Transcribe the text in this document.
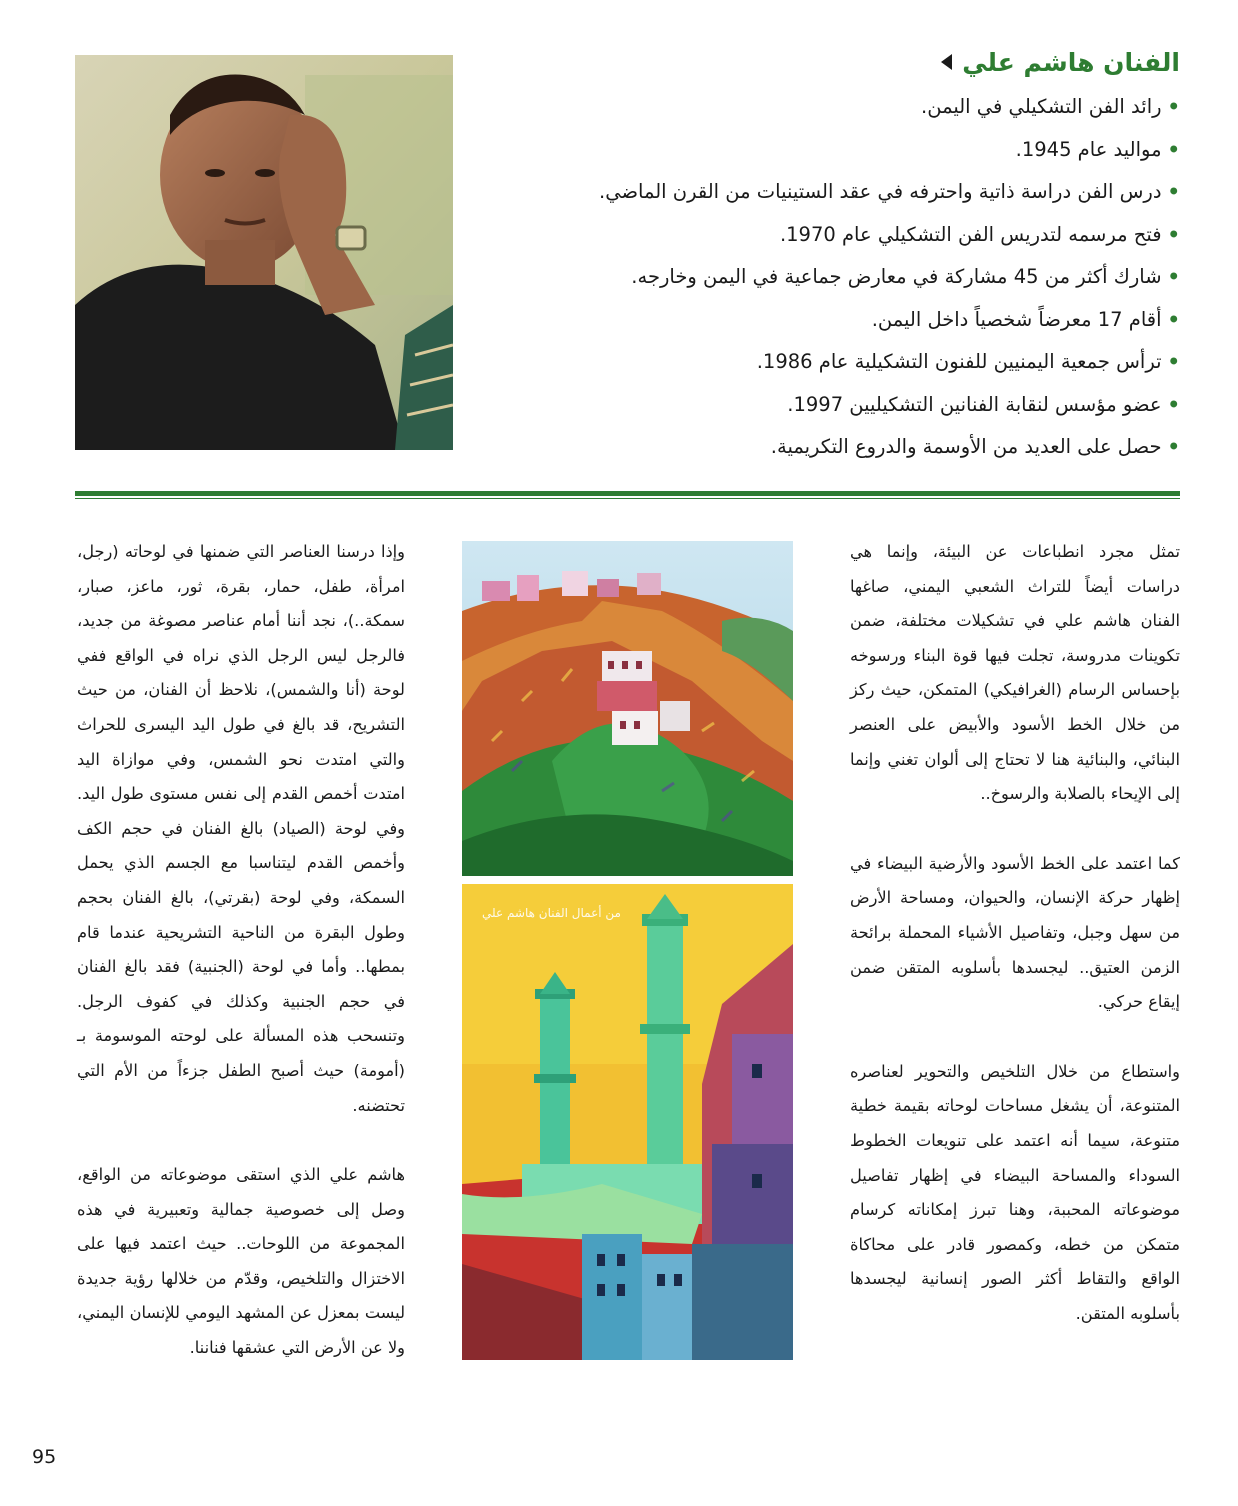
الفنان هاشم علي
•رائد الفن التشكيلي في اليمن.
•مواليد عام 1945.
•درس الفن دراسة ذاتية واحترفه في عقد الستينيات من القرن الماضي.
•فتح مرسمه لتدريس الفن التشكيلي عام 1970.
•شارك أكثر من 45 مشاركة في معارض جماعية في اليمن وخارجه.
•أقام 17 معرضاً شخصياً داخل اليمن.
•ترأس جمعية اليمنيين للفنون التشكيلية عام 1986.
•عضو مؤسس لنقابة الفنانين التشكيليين 1997.
•حصل على العديد من الأوسمة والدروع التكريمية.

تمثل مجرد انطباعات عن البيئة، وإنما هي دراسات أيضاً للتراث الشعبي اليمني، صاغها الفنان هاشم علي في تشكيلات مختلفة، ضمن تكوينات مدروسة، تجلت فيها قوة البناء ورسوخه بإحساس الرسام (الغرافيكي) المتمكن، حيث ركز من خلال الخط الأسود والأبيض على العنصر البنائي، والبنائية هنا لا تحتاج إلى ألوان تغني وإنما إلى الإيحاء بالصلابة والرسوخ..

كما اعتمد على الخط الأسود والأرضية البيضاء في إظهار حركة الإنسان، والحيوان، ومساحة الأرض من سهل وجبل، وتفاصيل الأشياء المحملة برائحة الزمن العتيق.. ليجسدها بأسلوبه المتقن ضمن إيقاع حركي.

واستطاع من خلال التلخيص والتحوير لعناصره المتنوعة، أن يشغل مساحات لوحاته بقيمة خطية متنوعة، سيما أنه اعتمد على تنويعات الخطوط السوداء والمساحة البيضاء في إظهار تفاصيل موضوعاته المحببة، وهنا تبرز إمكاناته كرسام متمكن من خطه، وكمصور قادر على محاكاة الواقع والتقاط أكثر الصور إنسانية ليجسدها بأسلوبه المتقن.

من أعمال الفنان هاشم علي

وإذا درسنا العناصر التي ضمنها في لوحاته (رجل، امرأة، طفل، حمار، بقرة، ثور، ماعز، صبار، سمكة..)، نجد أننا أمام عناصر مصوغة من جديد، فالرجل ليس الرجل الذي نراه في الواقع ففي لوحة (أنا والشمس)، نلاحظ أن الفنان، من حيث التشريح، قد بالغ في طول اليد اليسرى للحراث والتي امتدت نحو الشمس، وفي موازاة اليد امتدت أخمص القدم إلى نفس مستوى طول اليد. وفي لوحة (الصياد) بالغ الفنان في حجم الكف وأخمص القدم ليتناسبا مع الجسم الذي يحمل السمكة، وفي لوحة (بقرتي)، بالغ الفنان بحجم وطول البقرة من الناحية التشريحية عندما قام بمطها.. وأما في لوحة (الجنبية) فقد بالغ الفنان في حجم الجنبية وكذلك في كفوف الرجل. وتنسحب هذه المسألة على لوحته الموسومة بـ (أمومة) حيث أصبح الطفل جزءاً من الأم التي تحتضنه.

هاشم علي الذي استقى موضوعاته من الواقع، وصل إلى خصوصية جمالية وتعبيرية في هذه المجموعة من اللوحات.. حيث اعتمد فيها على الاختزال والتلخيص، وقدّم من خلالها رؤية جديدة ليست بمعزل عن المشهد اليومي للإنسان اليمني، ولا عن الأرض التي عشقها فناننا.

95
